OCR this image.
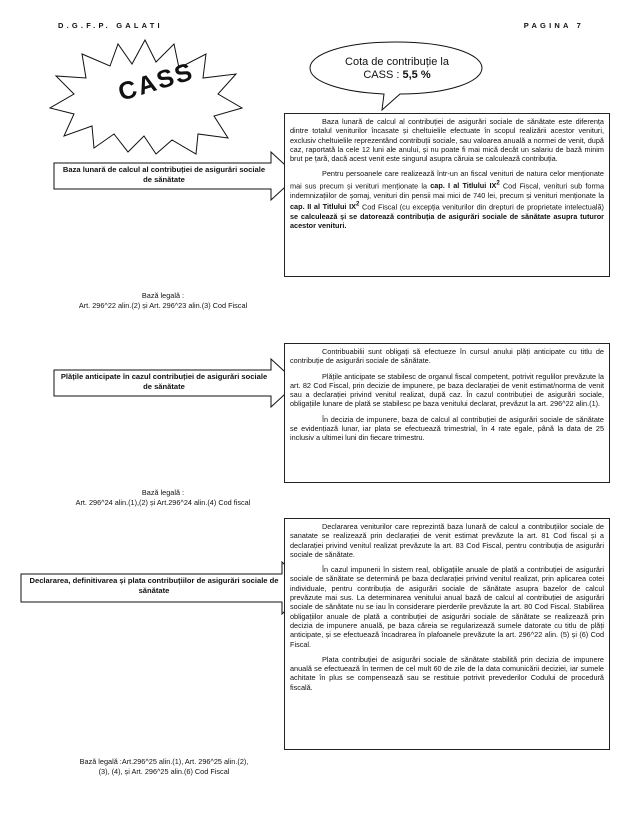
D.G.F.P. GALATI	PAGINA 7
CASS	Cota de contribuție la
CASS : 5,5 %
Baza lunară de calcul al contribuției de asigurări sociale de sănătate

Baza lunară de calcul al contribuției de asigurări sociale de sănătate este diferența dintre totalul veniturilor încasate și cheltuielile efectuate în scopul realizării acestor venituri, exclusiv cheltuielile reprezentând contribuții sociale, sau valoarea anuală a normei de venit, după caz, raportată la cele 12 luni ale anului, și nu poate fi mai mică decât un salariu de bază minim brut pe țară, dacă acest venit este singurul asupra căruia se calculează contribuția.

Pentru persoanele care realizează într-un an fiscal venituri de natura celor menționate mai sus precum și venituri menționate la cap. I al Titlului $IX^2$ Cod Fiscal, venituri sub forma indemnizațiilor de șomaj, venituri din pensii mai mici de 740 lei, precum și venituri menționate la cap. II al Titlului $IX^2$ Cod Fiscal (cu excepția veniturilor din drepturi de proprietate intelectuală) se calculează și se datorează contribuția de asigurări sociale de sănătate asupra tuturor acestor venituri.

Bază legală :
Art. 296^22 alin.(2) și Art. 296^23 alin.(3) Cod Fiscal
Plățile anticipate în cazul contribuției de asigurări sociale de sănătate

Contribuabilii sunt obligați să efectueze în cursul anului plăți anticipate cu titlu de contribuție de asigurări sociale de sănătate.

Plățile anticipate se stabilesc de organul fiscal competent, potrivit regulilor prevăzute la art. 82 Cod Fiscal, prin decizie de impunere, pe baza declarației de venit estimat/norma de venit sau a declarației privind venitul realizat, după caz. În cazul contribuției de asigurări sociale, obligațiile lunare de plată se stabilesc pe baza venitului declarat, prevăzut la art. 296^22 alin.(1).

În decizia de impunere, baza de calcul al contribuției de asigurări sociale de sănătate se evidențiază lunar, iar plata se efectuează trimestrial, în 4 rate egale, până la data de 25 inclusiv a ultimei luni din fiecare trimestru.

Bază legală :
Art. 296^24 alin.(1),(2) și Art.296^24 alin.(4) Cod fiscal
Declararea, definitivarea și plata contribuțiilor de asigurări sociale de sănătate

Declararea veniturilor care reprezintă baza lunară de calcul a contribuțiilor sociale de sanatate se realizează prin declarației de venit estimat prevăzute la art. 81 Cod fiscal și a declarației privind venitul realizat prevăzute la art. 83 Cod Fiscal, pentru contribuția de asigurări sociale de sănătate.

În cazul impunerii în sistem real, obligațiile anuale de plată a contribuției de asigurări sociale de sănătate se determină pe baza declarației privind venitul realizat, prin aplicarea cotei individuale, pentru contribuția de asigurări sociale de sănătate asupra bazelor de calcul prevăzute mai sus. La determinarea venitului anual bază de calcul al contribuției de asigurări sociale de sănătate nu se iau în considerare pierderile prevăzute la art. 80 Cod Fiscal. Stabilirea obligațiilor anuale de plată a contribuției de asigurări sociale de sănătate se realizează prin decizia de impunere anuală, pe baza căreia se regularizează sumele datorate cu titlu de plăți anticipate, și se efectuează încadrarea în plafoanele prevăzute la art. 296^22 alin. (5) și (6) Cod Fiscal.

Plata contribuției de asigurări sociale de sănătate stabilită prin decizia de impunere anuală se efectuează în termen de cel mult 60 de zile de la data comunicării deciziei, iar sumele achitate în plus se compensează sau se restituie potrivit prevederilor Codului de procedură fiscală.

Bază legală :Art.296^25 alin.(1), Art. 296^25 alin.(2),
(3), (4), și Art. 296^25 alin.(6) Cod Fiscal
